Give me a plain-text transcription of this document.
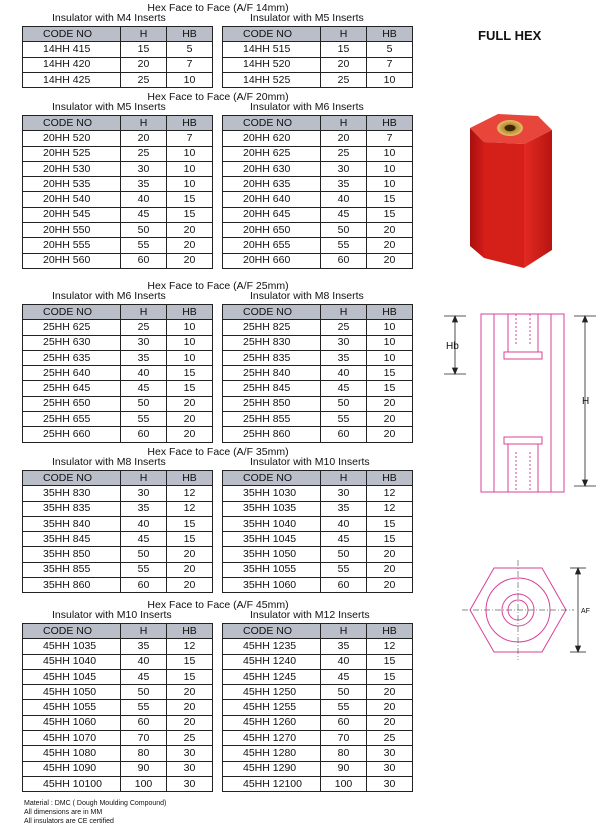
FULL HEX
Hex Face to Face (A/F 14mm)
Insulator with M4 Inserts
CODE NO	H	HB
14HH 415	15	5
14HH 420	20	7
14HH 425	25	10
Insulator with M5 Inserts
CODE NO	H	HB
14HH 515	15	5
14HH 520	20	7
14HH 525	25	10
Hex Face to Face (A/F 20mm)
Insulator with M5 Inserts
CODE NO	H	HB
20HH 520	20	7
20HH 525	25	10
20HH 530	30	10
20HH 535	35	10
20HH 540	40	15
20HH 545	45	15
20HH 550	50	20
20HH 555	55	20
20HH 560	60	20
Insulator with M6 Inserts
CODE NO	H	HB
20HH 620	20	7
20HH 625	25	10
20HH 630	30	10
20HH 635	35	10
20HH 640	40	15
20HH 645	45	15
20HH 650	50	20
20HH 655	55	20
20HH 660	60	20
Hex Face to Face (A/F 25mm)
Insulator with M6 Inserts
CODE NO	H	HB
25HH 625	25	10
25HH 630	30	10
25HH 635	35	10
25HH 640	40	15
25HH 645	45	15
25HH 650	50	20
25HH 655	55	20
25HH 660	60	20
Insulator with M8 Inserts
CODE NO	H	HB
25HH 825	25	10
25HH 830	30	10
25HH 835	35	10
25HH 840	40	15
25HH 845	45	15
25HH 850	50	20
25HH 855	55	20
25HH 860	60	20
Hex Face to Face (A/F 35mm)
Insulator with M8 Inserts
CODE NO	H	HB
35HH 830	30	12
35HH 835	35	12
35HH 840	40	15
35HH 845	45	15
35HH 850	50	20
35HH 855	55	20
35HH 860	60	20
Insulator with M10 Inserts
CODE NO	H	HB
35HH 1030	30	12
35HH 1035	35	12
35HH 1040	40	15
35HH 1045	45	15
35HH 1050	50	20
35HH 1055	55	20
35HH 1060	60	20
Hex Face to Face (A/F 45mm)
Insulator with M10 Inserts
CODE NO	H	HB
45HH 1035	35	12
45HH 1040	40	15
45HH 1045	45	15
45HH 1050	50	20
45HH 1055	55	20
45HH 1060	60	20
45HH 1070	70	25
45HH 1080	80	30
45HH 1090	90	30
45HH 10100	100	30
Insulator with M12 Inserts
CODE NO	H	HB
45HH 1235	35	12
45HH 1240	40	15
45HH 1245	45	15
45HH 1250	50	20
45HH 1255	55	20
45HH 1260	60	20
45HH 1270	70	25
45HH 1280	80	30
45HH 1290	90	30
45HH 12100	100	30
Hb
H
AF
Material : DMC ( Dough Moulding Compound)
All dimensions are in MM
All insulators are CE certified
